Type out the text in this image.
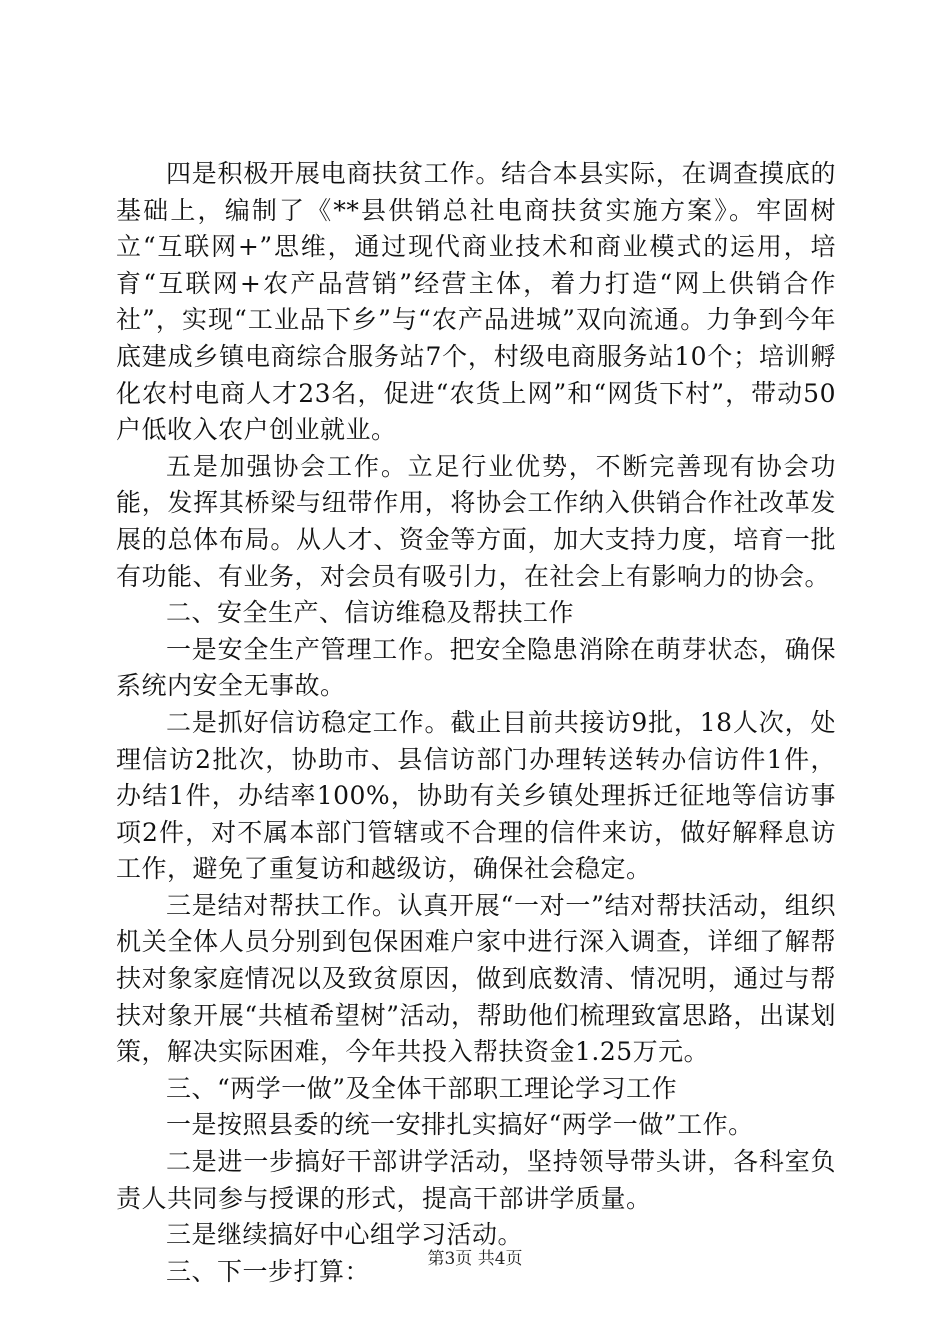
四是积极开展电商扶贫工作。结合本县实际，在调查摸底的基础上，编制了《**县供销总社电商扶贫实施方案》。牢固树立“互联网+”思维，通过现代商业技术和商业模式的运用，培育“互联网+农产品营销”经营主体，着力打造“网上供销合作社”，实现“工业品下乡”与“农产品进城”双向流通。力争到今年底建成乡镇电商综合服务站7个，村级电商服务站10个；培训孵化农村电商人才23名，促进“农货上网”和“网货下村”，带动50户低收入农户创业就业。

五是加强协会工作。立足行业优势，不断完善现有协会功能，发挥其桥梁与纽带作用，将协会工作纳入供销合作社改革发展的总体布局。从人才、资金等方面，加大支持力度，培育一批有功能、有业务，对会员有吸引力，在社会上有影响力的协会。

二、安全生产、信访维稳及帮扶工作

一是安全生产管理工作。把安全隐患消除在萌芽状态，确保系统内安全无事故。

二是抓好信访稳定工作。截止目前共接访9批，18人次，处理信访2批次，协助市、县信访部门办理转送转办信访件1件，办结1件，办结率100%，协助有关乡镇处理拆迁征地等信访事项2件，对不属本部门管辖或不合理的信件来访，做好解释息访工作，避免了重复访和越级访，确保社会稳定。

三是结对帮扶工作。认真开展“一对一”结对帮扶活动，组织机关全体人员分别到包保困难户家中进行深入调查，详细了解帮扶对象家庭情况以及致贫原因，做到底数清、情况明，通过与帮扶对象开展“共植希望树”活动，帮助他们梳理致富思路，出谋划策，解决实际困难，今年共投入帮扶资金1.25万元。

三、“两学一做”及全体干部职工理论学习工作

一是按照县委的统一安排扎实搞好“两学一做”工作。

二是进一步搞好干部讲学活动，坚持领导带头讲，各科室负责人共同参与授课的形式，提高干部讲学质量。

三是继续搞好中心组学习活动。

三、下一步打算：	第3页 共4页
